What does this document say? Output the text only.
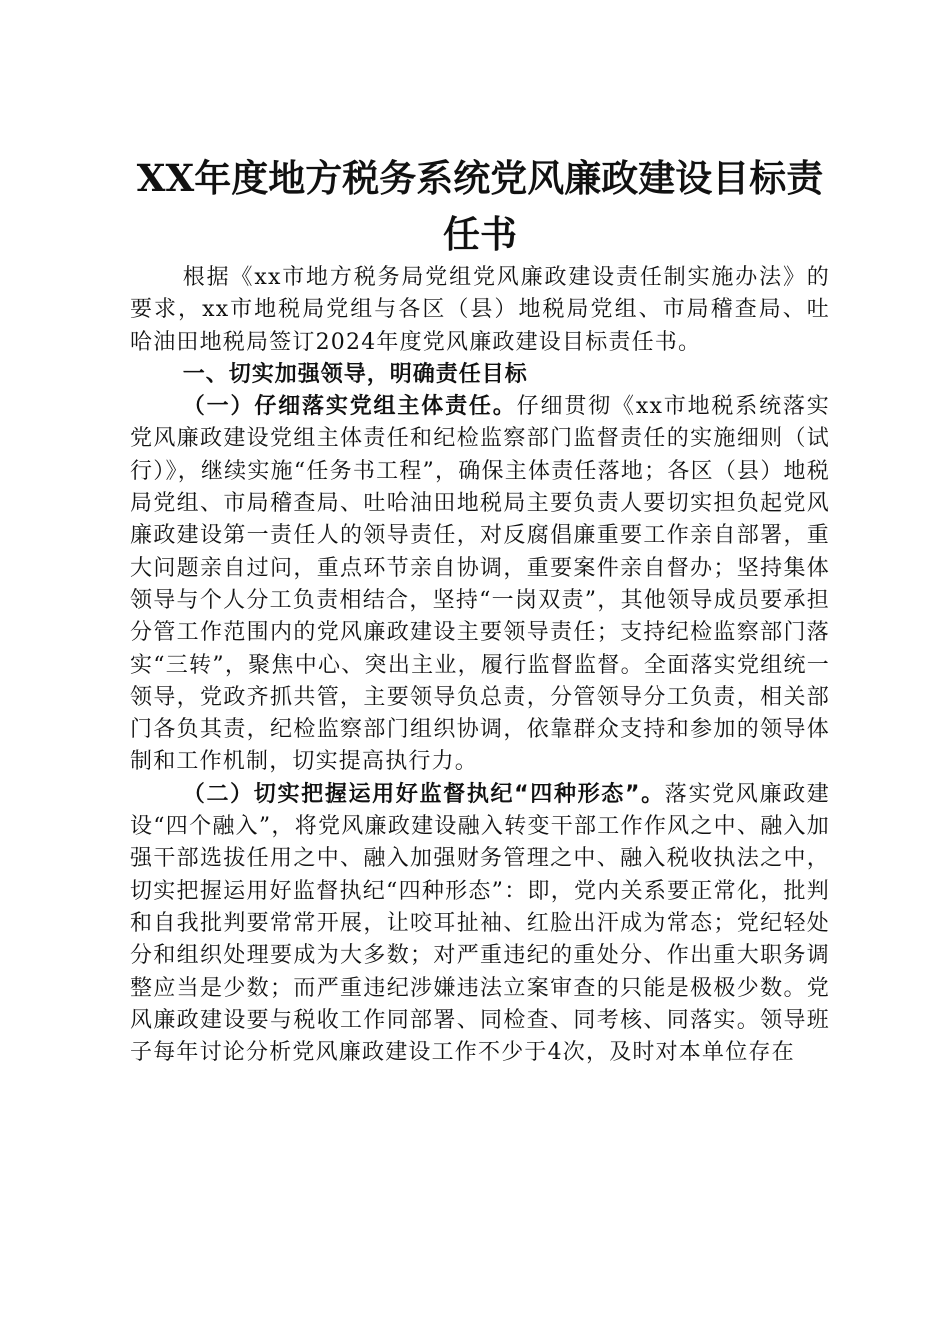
XX年度地方税务系统党风廉政建设目标责任书

根据《xx市地方税务局党组党风廉政建设责任制实施办法》的要求，xx市地税局党组与各区（县）地税局党组、市局稽查局、吐哈油田地税局签订2024年度党风廉政建设目标责任书。

一、切实加强领导，明确责任目标

（一）仔细落实党组主体责任。仔细贯彻《xx市地税系统落实党风廉政建设党组主体责任和纪检监察部门监督责任的实施细则（试行）》，继续实施“任务书工程”，确保主体责任落地；各区（县）地税局党组、市局稽查局、吐哈油田地税局主要负责人要切实担负起党风廉政建设第一责任人的领导责任，对反腐倡廉重要工作亲自部署，重大问题亲自过问，重点环节亲自协调，重要案件亲自督办；坚持集体领导与个人分工负责相结合，坚持“一岗双责”，其他领导成员要承担分管工作范围内的党风廉政建设主要领导责任；支持纪检监察部门落实“三转”，聚焦中心、突出主业，履行监督监督。全面落实党组统一领导，党政齐抓共管，主要领导负总责，分管领导分工负责，相关部门各负其责，纪检监察部门组织协调，依靠群众支持和参加的领导体制和工作机制，切实提高执行力。

（二）切实把握运用好监督执纪“四种形态”。落实党风廉政建设“四个融入”，将党风廉政建设融入转变干部工作作风之中、融入加强干部选拔任用之中、融入加强财务管理之中、融入税收执法之中，切实把握运用好监督执纪“四种形态”：即，党内关系要正常化，批判和自我批判要常常开展，让咬耳扯袖、红脸出汗成为常态；党纪轻处分和组织处理要成为大多数；对严重违纪的重处分、作出重大职务调整应当是少数；而严重违纪涉嫌违法立案审查的只能是极极少数。党风廉政建设要与税收工作同部署、同检查、同考核、同落实。领导班子每年讨论分析党风廉政建设工作不少于4次，及时对本单位存在
